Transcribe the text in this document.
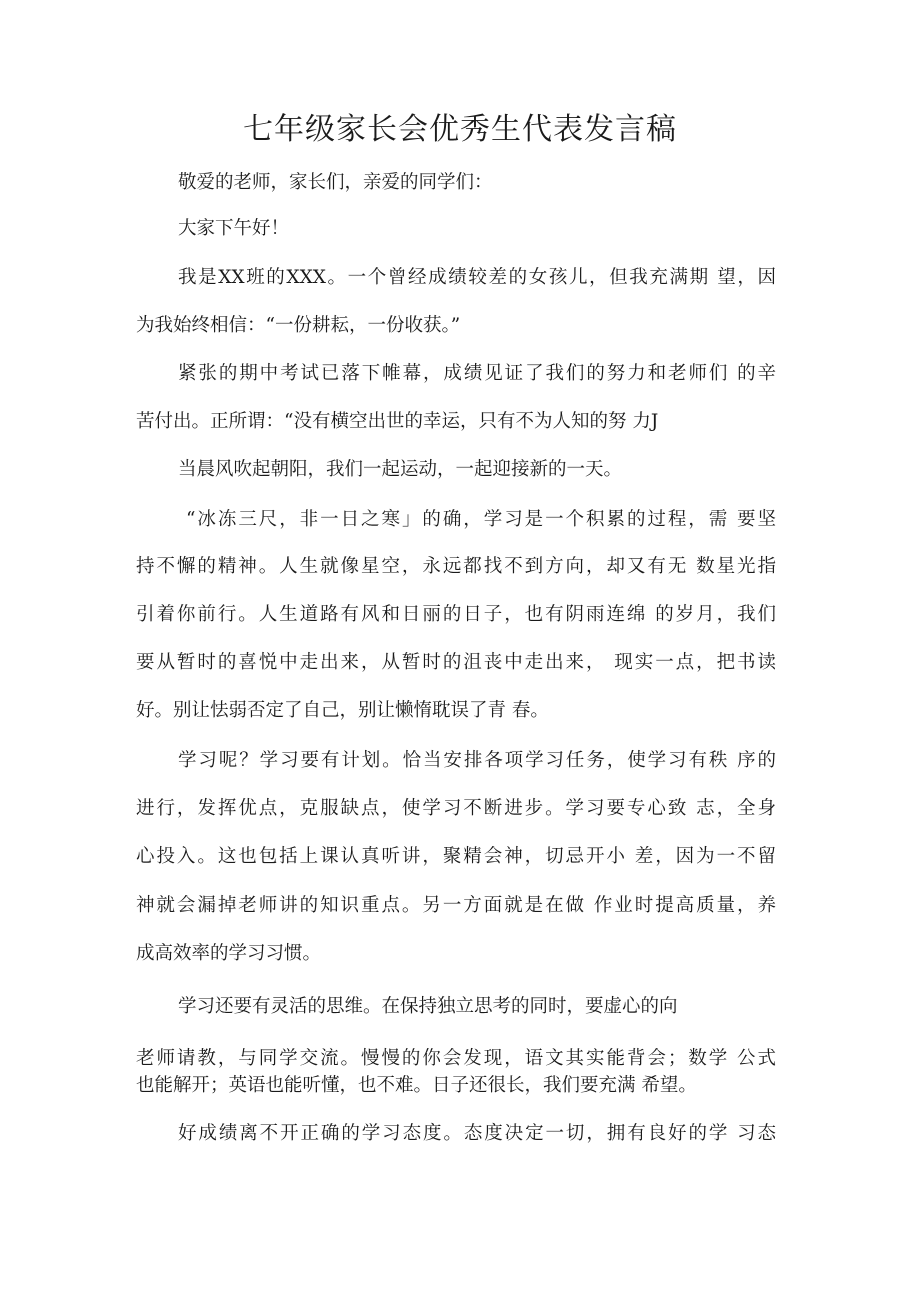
七年级家长会优秀生代表发言稿
敬爱的老师，家长们，亲爱的同学们：
大家下午好！
我是XX班的XXX。一个曾经成绩较差的女孩儿，但我充满期 望，因
为我始终相信：“一份耕耘，一份收获。”
紧张的期中考试已落下帷幕，成绩见证了我们的努力和老师们 的辛
苦付出。正所谓：“没有横空出世的幸运，只有不为人知的努 力J
当晨风吹起朝阳，我们一起运动，一起迎接新的一天。
“冰冻三尺，非一日之寒」的确，学习是一个积累的过程，需 要坚
持不懈的精神。人生就像星空，永远都找不到方向，却又有无 数星光指
引着你前行。人生道路有风和日丽的日子，也有阴雨连绵 的岁月，我们
要从暂时的喜悦中走出来，从暂时的沮丧中走出来， 现实一点，把书读
好。别让怯弱否定了自己，别让懒惰耽误了青 春。
学习呢？学习要有计划。恰当安排各项学习任务，使学习有秩 序的
进行，发挥优点，克服缺点，使学习不断进步。学习要专心致 志，全身
心投入。这也包括上课认真听讲，聚精会神，切忌开小 差，因为一不留
神就会漏掉老师讲的知识重点。另一方面就是在做 作业时提高质量，养
成高效率的学习习惯。
学习还要有灵活的思维。在保持独立思考的同时，要虚心的向
老师请教，与同学交流。慢慢的你会发现，语文其实能背会；数学 公式
也能解开；英语也能听懂，也不难。日子还很长，我们要充满 希望。
好成绩离不开正确的学习态度。态度决定一切，拥有良好的学 习态
